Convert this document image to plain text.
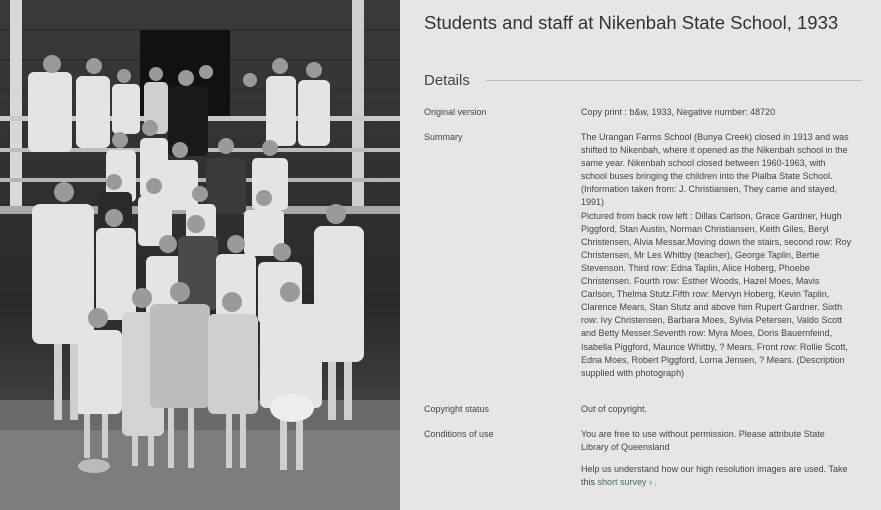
Students and staff at Nikenbah State School, 1933
Details
Original version	Copy print : b&w, 1933, Negative number: 48720
Summary	The Urangan Farms School (Bunya Creek) closed in 1913 and was shifted to Nikenbah, where it opened as the Nikenbah school in the same year. Nikenbah school closed between 1960-1963, with school buses bringing the children into the Pialba State School. (Information taken from: J. Christiansen, They came and stayed, 1991)

Pictured from back row left : Dillas Carlson, Grace Gardner, Hugh Piggford, Stan Austin, Norman Christiansen, Keith Giles, Beryl Christensen, Alvia Messar.Moving down the stairs, second row: Roy Christensen, Mr Les Whitby (teacher), George Taplin, Bertie Stevenson. Third row: Edna Taplin, Alice Hoberg, Phoebe Christensen. Fourth row: Esther Woods, Hazel Moes, Mavis Carlson, Thelma Stutz.Fifth row: Mervyn Hoberg, Kevin Taplin, Clarence Mears, Stan Stutz and above him Rupert Gardner. Sixth row: Ivy Christensen, Barbara Moes, Sylvia Petersen, Valdo Scott and Betty Messer.Seventh row: Myra Moes, Doris Bauernfeind, Isabella Piggford, Maurice Whitby, ? Mears. Front row: Rollie Scott, Edna Moes, Robert Piggford, Lorna Jensen, ? Mears. (Description supplied with photograph)

Copyright status	Out of copyright.
Conditions of use	You are free to use without permission. Please attribute State Library of Queensland

Help us understand how our high resolution images are used. Take this short survey › .
